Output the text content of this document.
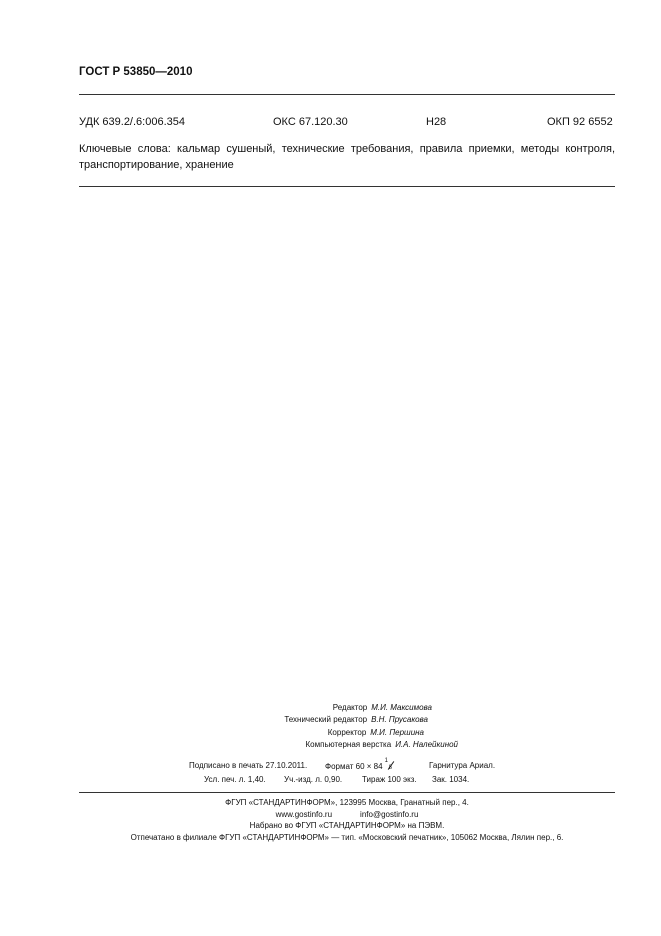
ГОСТ Р 53850—2010
УДК 639.2/.6:006.354	ОКС 67.120.30	Н28	ОКП 92 6552
Ключевые слова: кальмар сушеный, технические требования, правила приемки, методы контроля,
транспортирование, хранение
Редактор М.И. Максимова
Технический редактор В.Н. Прусакова
Корректор М.И. Першина
Компьютерная верстка И.А. Налейкиной
Подписано в печать 27.10.2011. Формат 60 × 84
1
8	Гарнитура Ариал.
Усл. печ. л. 1,40. Уч.-изд. л. 0,90. Тираж 100 экз. Зак. 1034.
ФГУП «СТАНДАРТИНФОРМ», 123995 Москва, Гранатный пер., 4.
www.gostinfo.ru	info@gostinfo.ru
Набрано во ФГУП «СТАНДАРТИНФОРМ» на ПЭВМ.
Отпечатано в филиале ФГУП «СТАНДАРТИНФОРМ» — тип. «Московский печатник», 105062 Москва, Лялин пер., 6.
